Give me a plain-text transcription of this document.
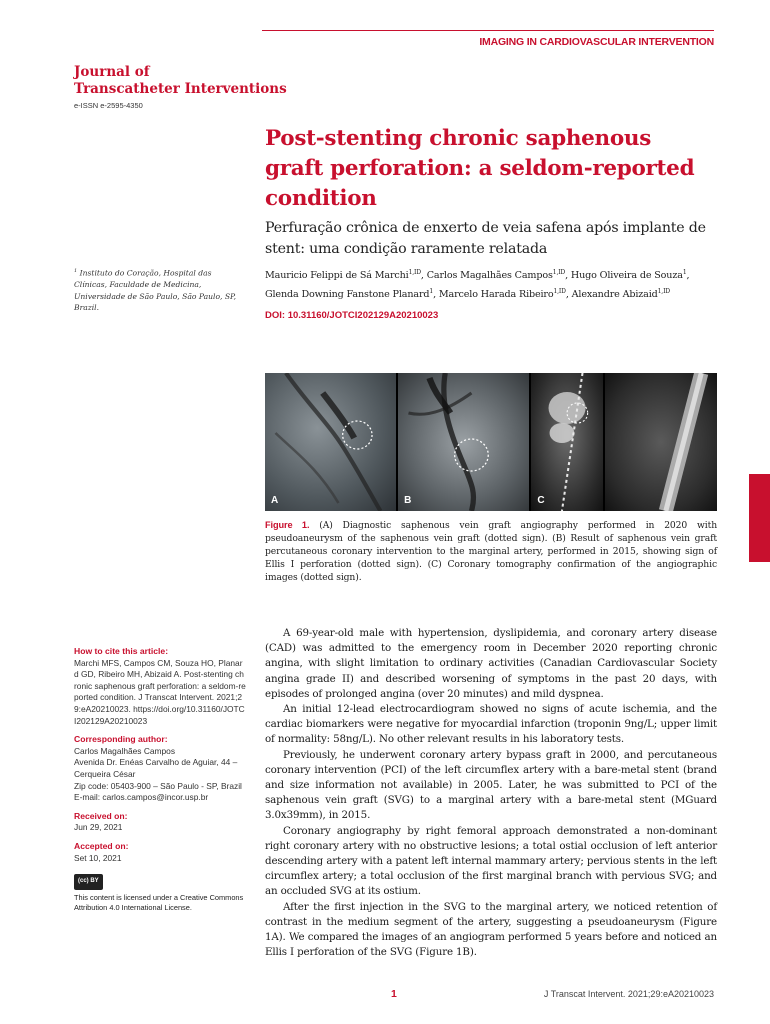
IMAGING IN CARDIOVASCULAR INTERVENTION
Journal of
Transcatheter Interventions
e-ISSN e-2595-4350
Post-stenting chronic saphenous graft perforation: a seldom-reported condition
Perfuração crônica de enxerto de veia safena após implante de stent: uma condição raramente relatada
Mauricio Felippi de Sá Marchi$^{1,ID}$, Carlos Magalhães Campos$^{1,ID}$, Hugo Oliveira de Souza$^1$, Glenda Downing Fanstone Planard$^1$, Marcelo Harada Ribeiro$^{1,ID}$, Alexandre Abizaid$^{1,ID}$
DOI: 10.31160/JOTCI202129A20210023
$^1$ Instituto do Coração, Hospital das Clínicas, Faculdade de Medicina, Universidade de São Paulo, São Paulo, SP, Brazil.
A	B	C
Figure 1. (A) Diagnostic saphenous vein graft angiography performed in 2020 with pseudoaneurysm of the saphenous vein graft (dotted sign). (B) Result of saphenous vein graft percutaneous coronary intervention to the marginal artery, performed in 2015, showing sign of Ellis I perforation (dotted sign). (C) Coronary tomography confirmation of the angiographic images (dotted sign).

A 69-year-old male with hypertension, dyslipidemia, and coronary artery disease (CAD) was admitted to the emergency room in December 2020 reporting chronic angina, with slight limitation to ordinary activities (Canadian Cardiovascular Society angina grade II) and described worsening of symptoms in the past 20 days, with episodes of prolonged angina (over 20 minutes) and mild dyspnea.

An initial 12-lead electrocardiogram showed no signs of acute ischemia, and the cardiac biomarkers were negative for myocardial infarction (troponin 9ng/L; upper limit of normality: 58ng/L). No other relevant results in his laboratory tests.

Previously, he underwent coronary artery bypass graft in 2000, and percutaneous coronary intervention (PCI) of the left circumflex artery with a bare-metal stent (brand and size information not available) in 2005. Later, he was submitted to PCI of the saphenous vein graft (SVG) to a marginal artery with a bare-metal stent (MGuard 3.0x39mm), in 2015.

Coronary angiography by right femoral approach demonstrated a non-dominant right coronary artery with no obstructive lesions; a total ostial occlusion of left anterior descending artery with a patent left internal mammary artery; pervious stents in the left circumflex artery; a total occlusion of the first marginal branch with pervious SVG; and an occluded SVG at its ostium.

After the first injection in the SVG to the marginal artery, we noticed retention of contrast in the medium segment of the artery, suggesting a pseudoaneurysm (Figure 1A). We compared the images of an angiogram performed 5 years before and noticed an Ellis I perforation of the SVG (Figure 1B).

How to cite this article:
Marchi MFS, Campos CM, Souza HO, Planard GD, Ribeiro MH, Abizaid A. Post-stenting chronic saphenous graft perforation: a seldom-reported condition. J Transcat Intervent. 2021;29:eA20210023. https://doi.org/10.31160/JOTCI202129A20210023
Corresponding author:
Carlos Magalhães Campos
Avenida Dr. Enéas Carvalho de Aguiar, 44 – Cerqueira César
Zip code: 05403-900 – São Paulo - SP, Brazil
E-mail: carlos.campos@incor.usp.br
Received on:
Jun 29, 2021
Accepted on:
Set 10, 2021
(cc) BY
This content is licensed under a Creative Commons Attribution 4.0 International License.
1	J Transcat Intervent. 2021;29:eA20210023
